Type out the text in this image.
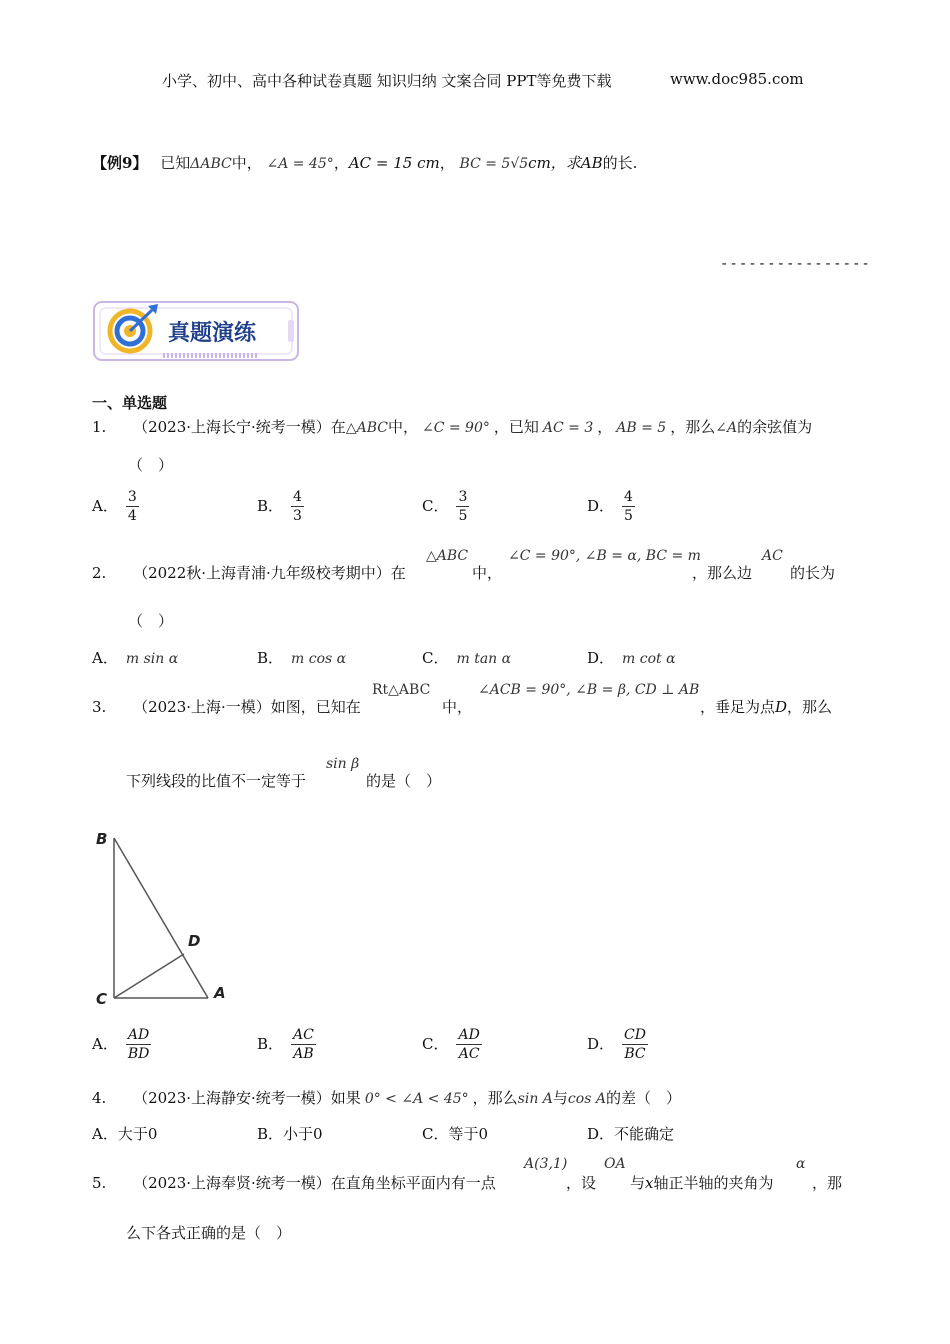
小学、初中、高中各种试卷真题 知识归纳 文案合同 PPT等免费下载	www.doc985.com
【例9】 已知ΔABC中， ∠A = 45°，AC = 15 cm， BC = 5√5cm，求AB的长.
----------------
真题演练
一、单选题
1. （2023·上海长宁·统考一模）在△ABC中， ∠C = 90° ，已知 AC = 3 ， AB = 5 ，那么∠A的余弦值为
（　）
A． $\frac{3}{4}$	B． $\frac{4}{3}$	C． $\frac{3}{5}$	D． $\frac{4}{5}$
2. （2022秋·上海青浦·九年级校考期中）在
△ABC
中，
∠C = 90°, ∠B = α, BC = m
，那么边
AC
的长为
（　）
A． m sin α	B． m cos α	C． m tan α	D． m cot α
3. （2023·上海·一模）如图，已知在
Rt△ABC
中，
∠ACB = 90°, ∠B = β, CD ⊥ AB
，垂足为点D，那么
下列线段的比值不一定等于
sin β
的是（　）
B
C
D
A
A． $\frac{AD}{BD}$	B． $\frac{AC}{AB}$	C． $\frac{AD}{AC}$	D． $\frac{CD}{BC}$
4. （2023·上海静安·统考一模）如果 0° < ∠A < 45° ，那么sin A与cos A的差（　）
A．大于0	B．小于0	C．等于0	D．不能确定
5. （2023·上海奉贤·统考一模）在直角坐标平面内有一点
A(3,1)
，设
OA
与x轴正半轴的夹角为
α
，那
么下各式正确的是（　）
